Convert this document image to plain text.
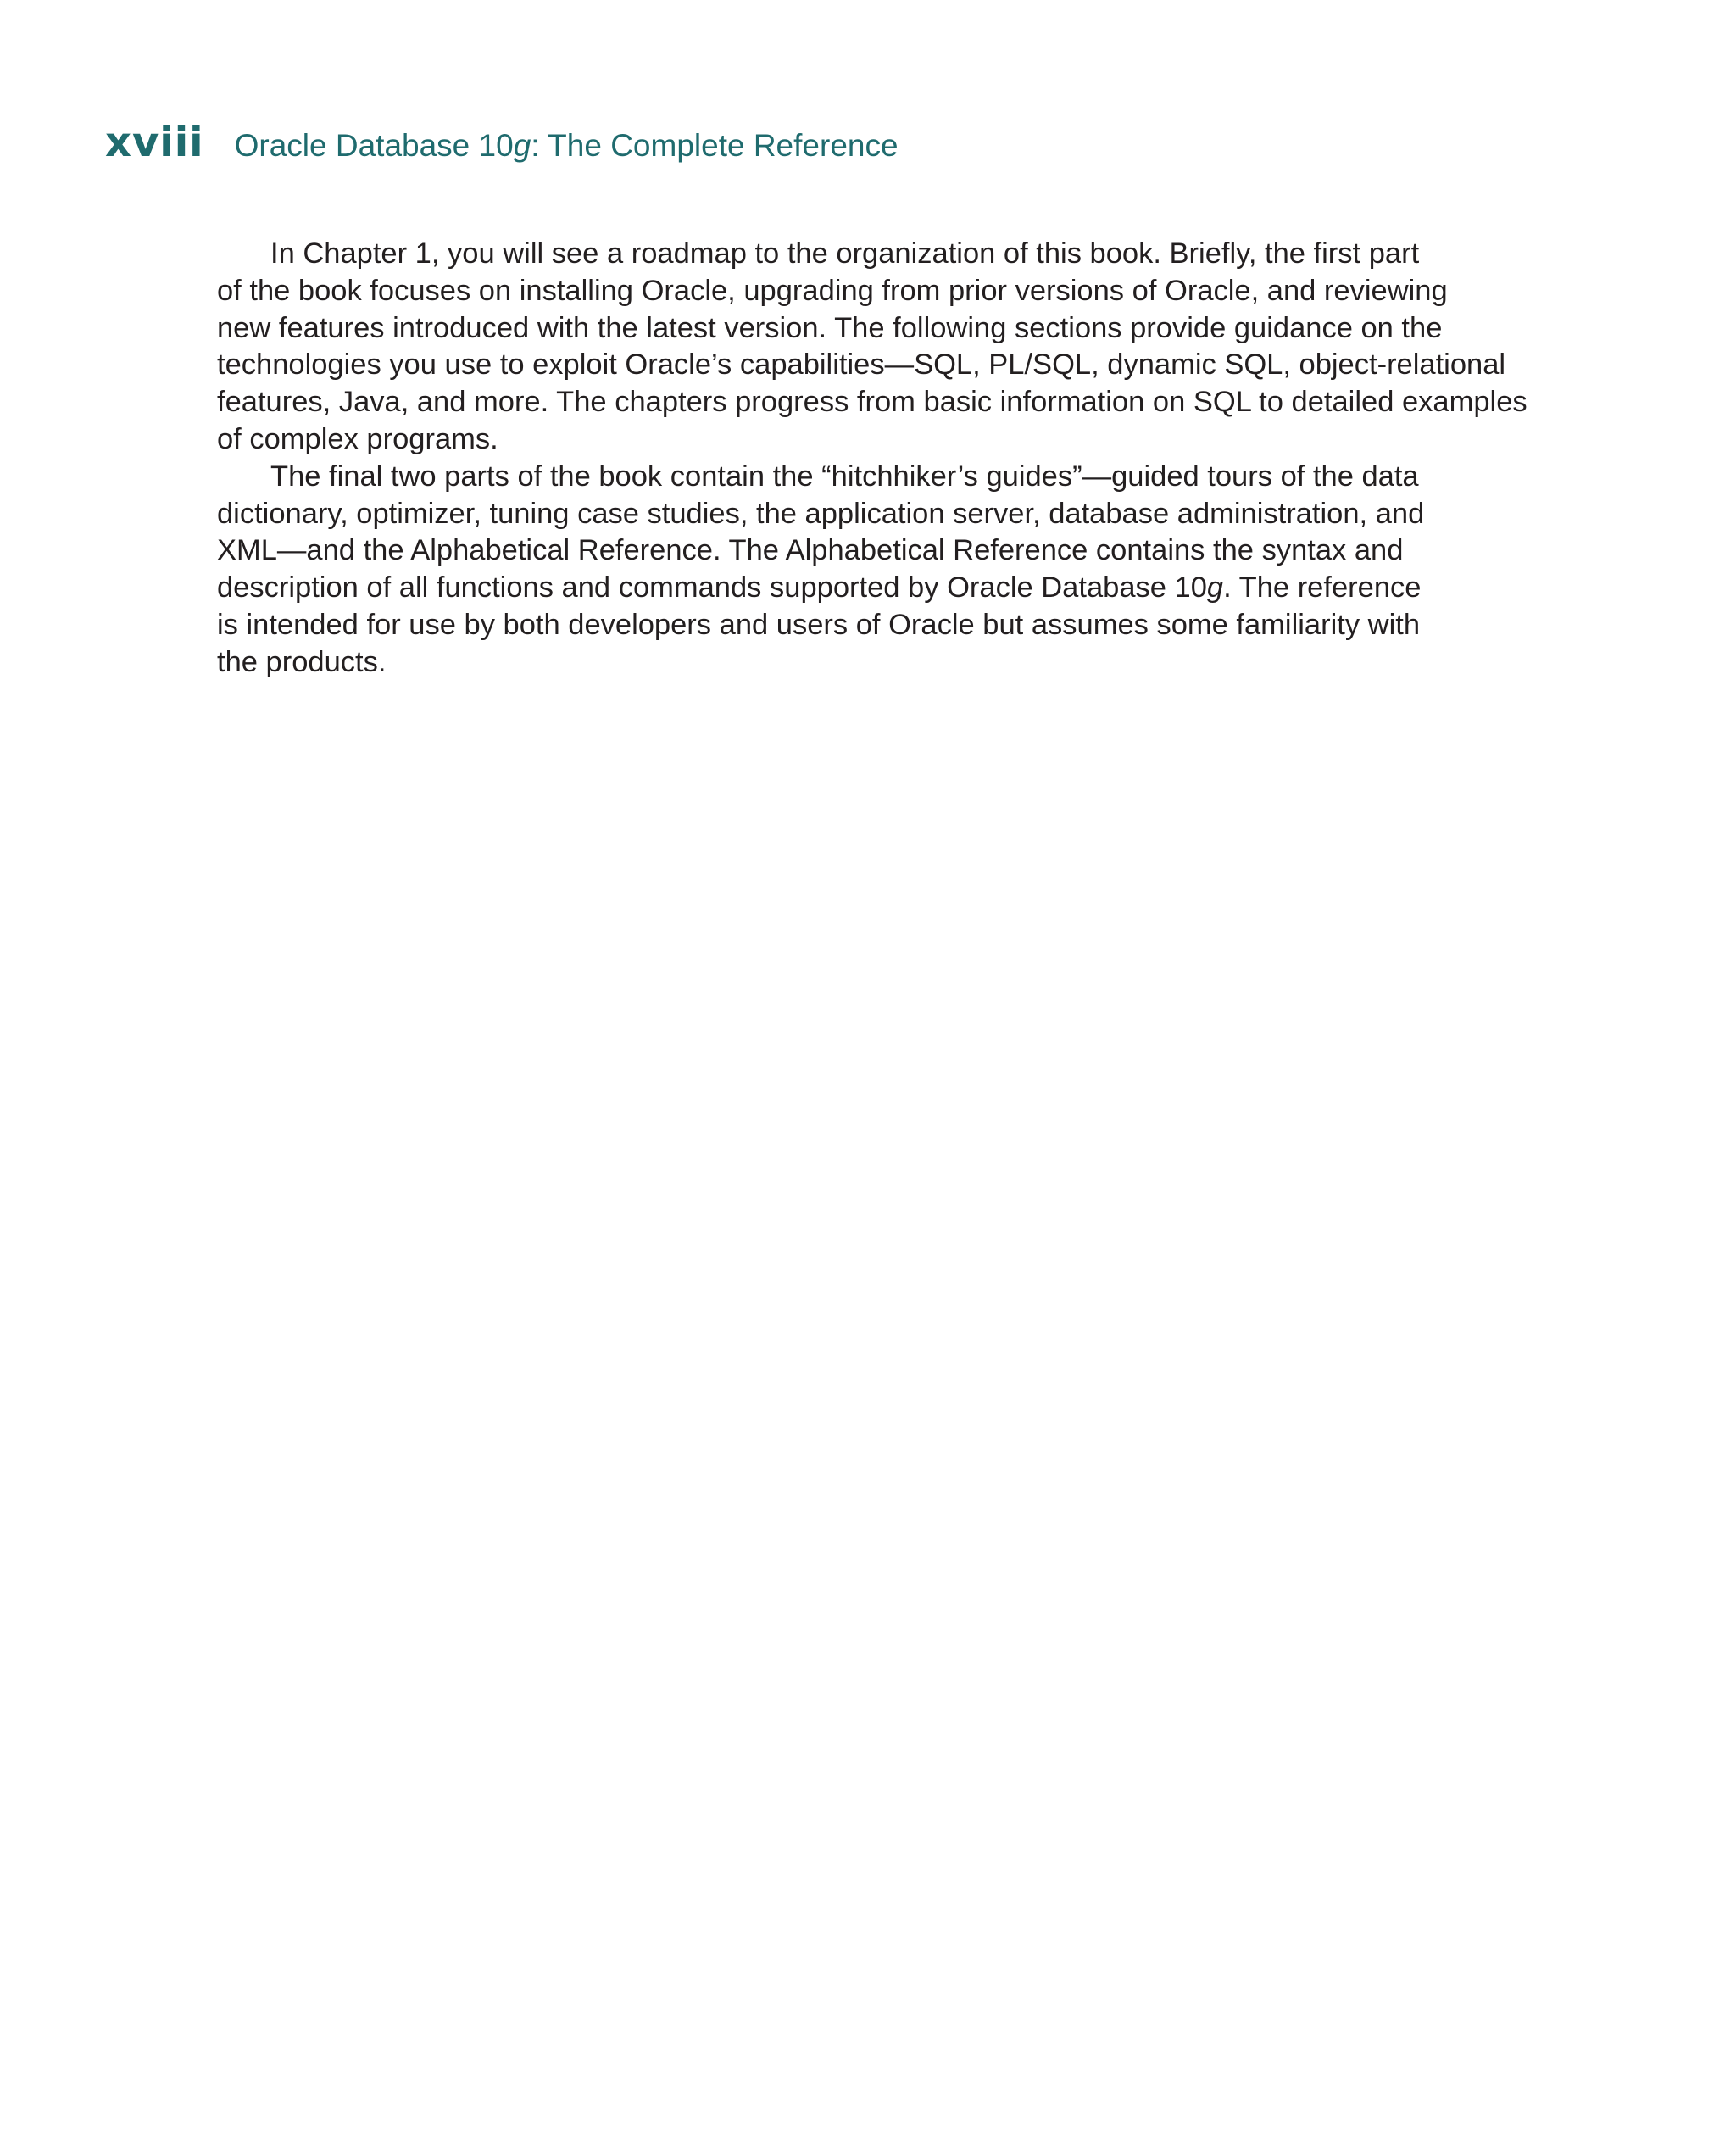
xviii Oracle Database 10g: The Complete Reference

In Chapter 1, you will see a roadmap to the organization of this book. Briefly, the first part
of the book focuses on installing Oracle, upgrading from prior versions of Oracle, and reviewing
new features introduced with the latest version. The following sections provide guidance on the
technologies you use to exploit Oracle’s capabilities—SQL, PL/SQL, dynamic SQL, object-relational
features, Java, and more. The chapters progress from basic information on SQL to detailed examples
of complex programs.

The final two parts of the book contain the “hitchhiker’s guides”—guided tours of the data
dictionary, optimizer, tuning case studies, the application server, database administration, and
XML—and the Alphabetical Reference. The Alphabetical Reference contains the syntax and
description of all functions and commands supported by Oracle Database 10g. The reference
is intended for use by both developers and users of Oracle but assumes some familiarity with
the products.
